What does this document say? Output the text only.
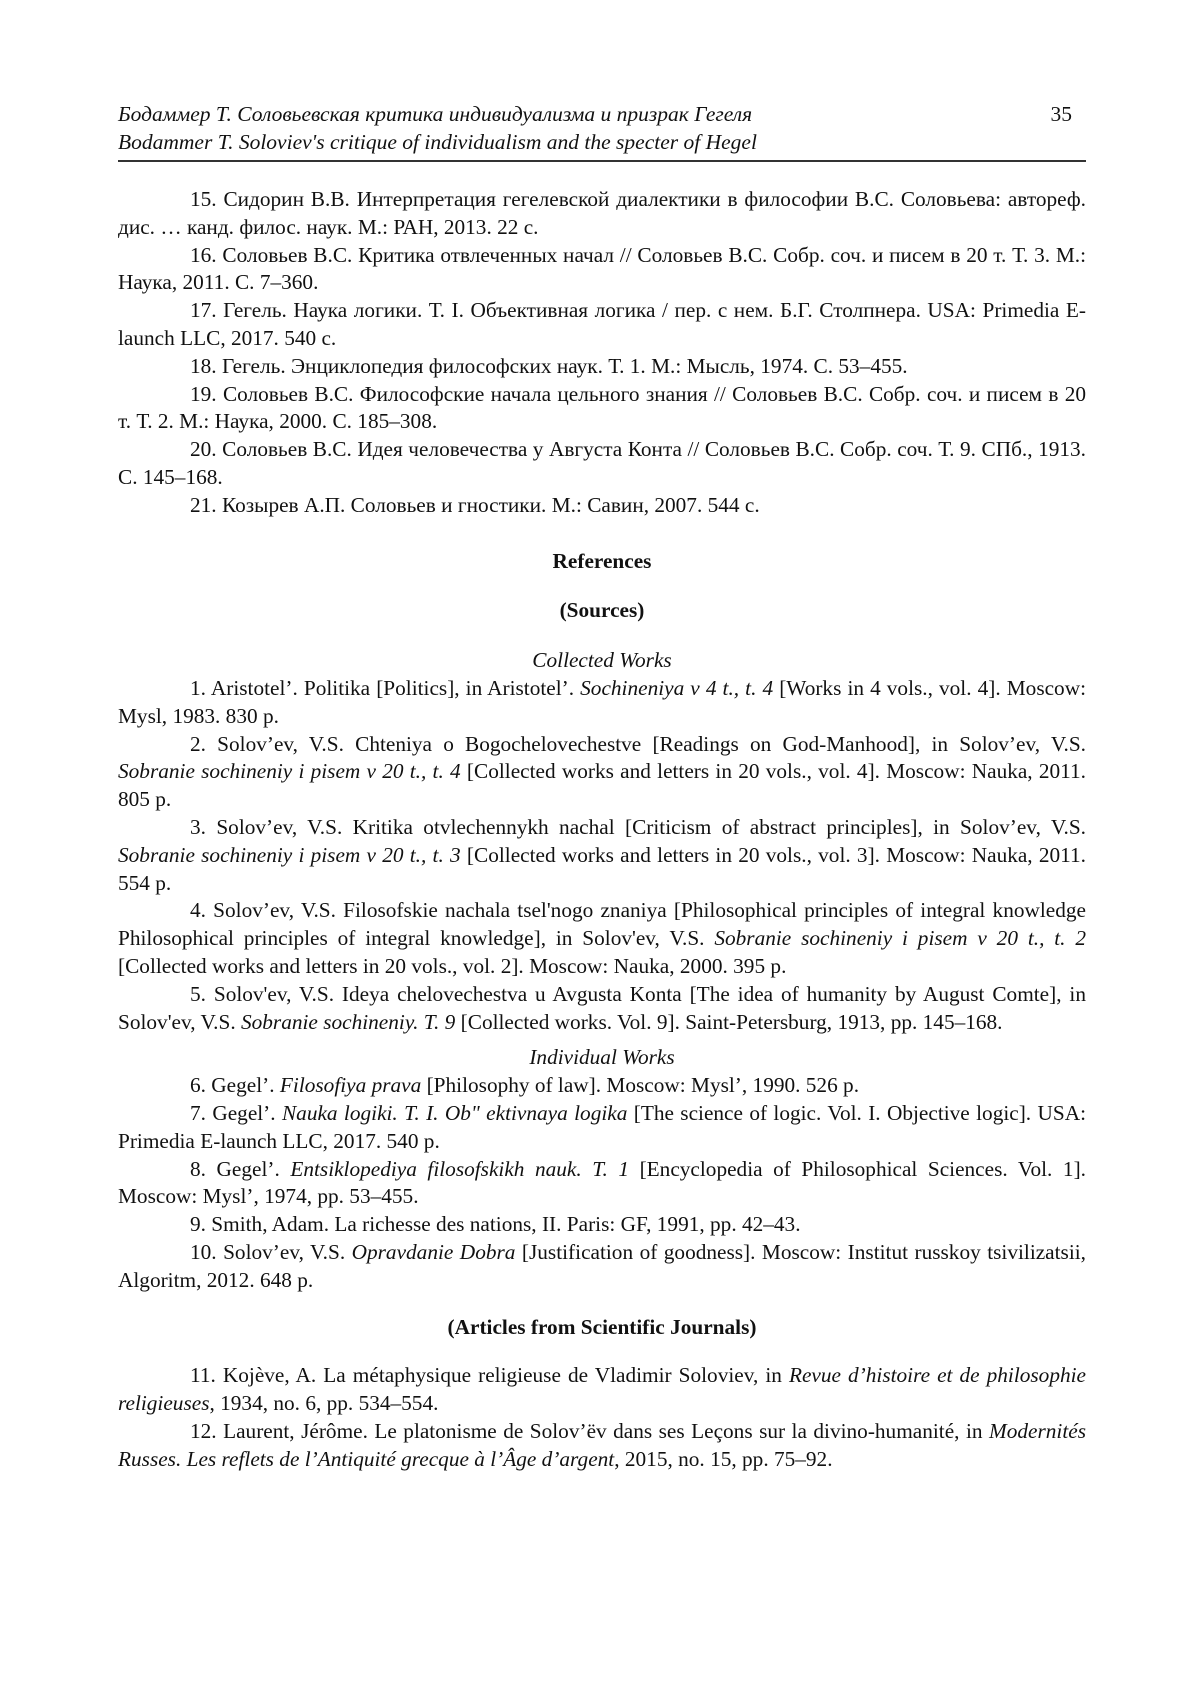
Бодаммер Т. Соловьевская критика индивидуализма и призрак Гегеля
Bodammer T. Soloviev's critique of individualism and the specter of Hegel
35

15. Сидорин В.В. Интерпретация гегелевской диалектики в философии В.С. Соловьева: автореф. дис. … канд. филос. наук. М.: РАН, 2013. 22 с.

16. Соловьев В.С. Критика отвлеченных начал // Соловьев В.С. Собр. соч. и писем в 20 т. Т. 3. М.: Наука, 2011. С. 7–360.

17. Гегель. Наука логики. Т. I. Объективная логика / пер. с нем. Б.Г. Столпнера. USA: Primedia E-launch LLC, 2017. 540 с.

18. Гегель. Энциклопедия философских наук. Т. 1. М.: Мысль, 1974. С. 53–455.

19. Соловьев В.С. Философские начала цельного знания // Соловьев В.С. Собр. соч. и писем в 20 т. Т. 2. М.: Наука, 2000. С. 185–308.

20. Соловьев В.С. Идея человечества у Августа Конта // Соловьев В.С. Собр. соч. Т. 9. СПб., 1913. С. 145–168.

21. Козырев А.П. Соловьев и гностики. М.: Савин, 2007. 544 с.

References

(Sources)

Collected Works

1. Aristotel’. Politika [Politics], in Aristotel’. Sochineniya v 4 t., t. 4 [Works in 4 vols., vol. 4]. Moscow: Mysl, 1983. 830 p.

2. Solov’ev, V.S. Chteniya o Bogochelovechestve [Readings on God-Manhood], in Solov’ev, V.S. Sobranie sochineniy i pisem v 20 t., t. 4 [Collected works and letters in 20 vols., vol. 4]. Moscow: Nauka, 2011. 805 p.

3. Solov’ev, V.S. Kritika otvlechennykh nachal [Criticism of abstract principles], in Solov’ev, V.S. Sobranie sochineniy i pisem v 20 t., t. 3 [Collected works and letters in 20 vols., vol. 3]. Moscow: Nauka, 2011. 554 p.

4. Solov’ev, V.S. Filosofskie nachala tsel'nogo znaniya [Philosophical principles of integral knowledge Philosophical principles of integral knowledge], in Solov'ev, V.S. Sobranie sochineniy i pisem v 20 t., t. 2 [Collected works and letters in 20 vols., vol. 2]. Moscow: Nauka, 2000. 395 p.

5. Solov'ev, V.S. Ideya chelovechestva u Avgusta Konta [The idea of humanity by August Comte], in Solov'ev, V.S. Sobranie sochineniy. T. 9 [Collected works. Vol. 9]. Saint-Petersburg, 1913, pp. 145–168.

Individual Works

6. Gegel’. Filosofiya prava [Philosophy of law]. Moscow: Mysl’, 1990. 526 p.

7. Gegel’. Nauka logiki. T. I. Ob" ektivnaya logika [The science of logic. Vol. I. Objective logic]. USA: Primedia E-launch LLC, 2017. 540 p.

8. Gegel’. Entsiklopediya filosofskikh nauk. T. 1 [Encyclopedia of Philosophical Sciences. Vol. 1]. Moscow: Mysl’, 1974, pp. 53–455.

9. Smith, Adam. La richesse des nations, II. Paris: GF, 1991, pp. 42–43.

10. Solov’ev, V.S. Opravdanie Dobra [Justification of goodness]. Moscow: Institut russkoy tsivilizatsii, Algoritm, 2012. 648 p.

(Articles from Scientific Journals)

11. Kojève, A. La métaphysique religieuse de Vladimir Soloviev, in Revue d’histoire et de philosophie religieuses, 1934, no. 6, pp. 534–554.

12. Laurent, Jérôme. Le platonisme de Solov’ëv dans ses Leçons sur la divino-humanité, in Modernités Russes. Les reflets de l’Antiquité grecque à l’Âge d’argent, 2015, no. 15, pp. 75–92.
